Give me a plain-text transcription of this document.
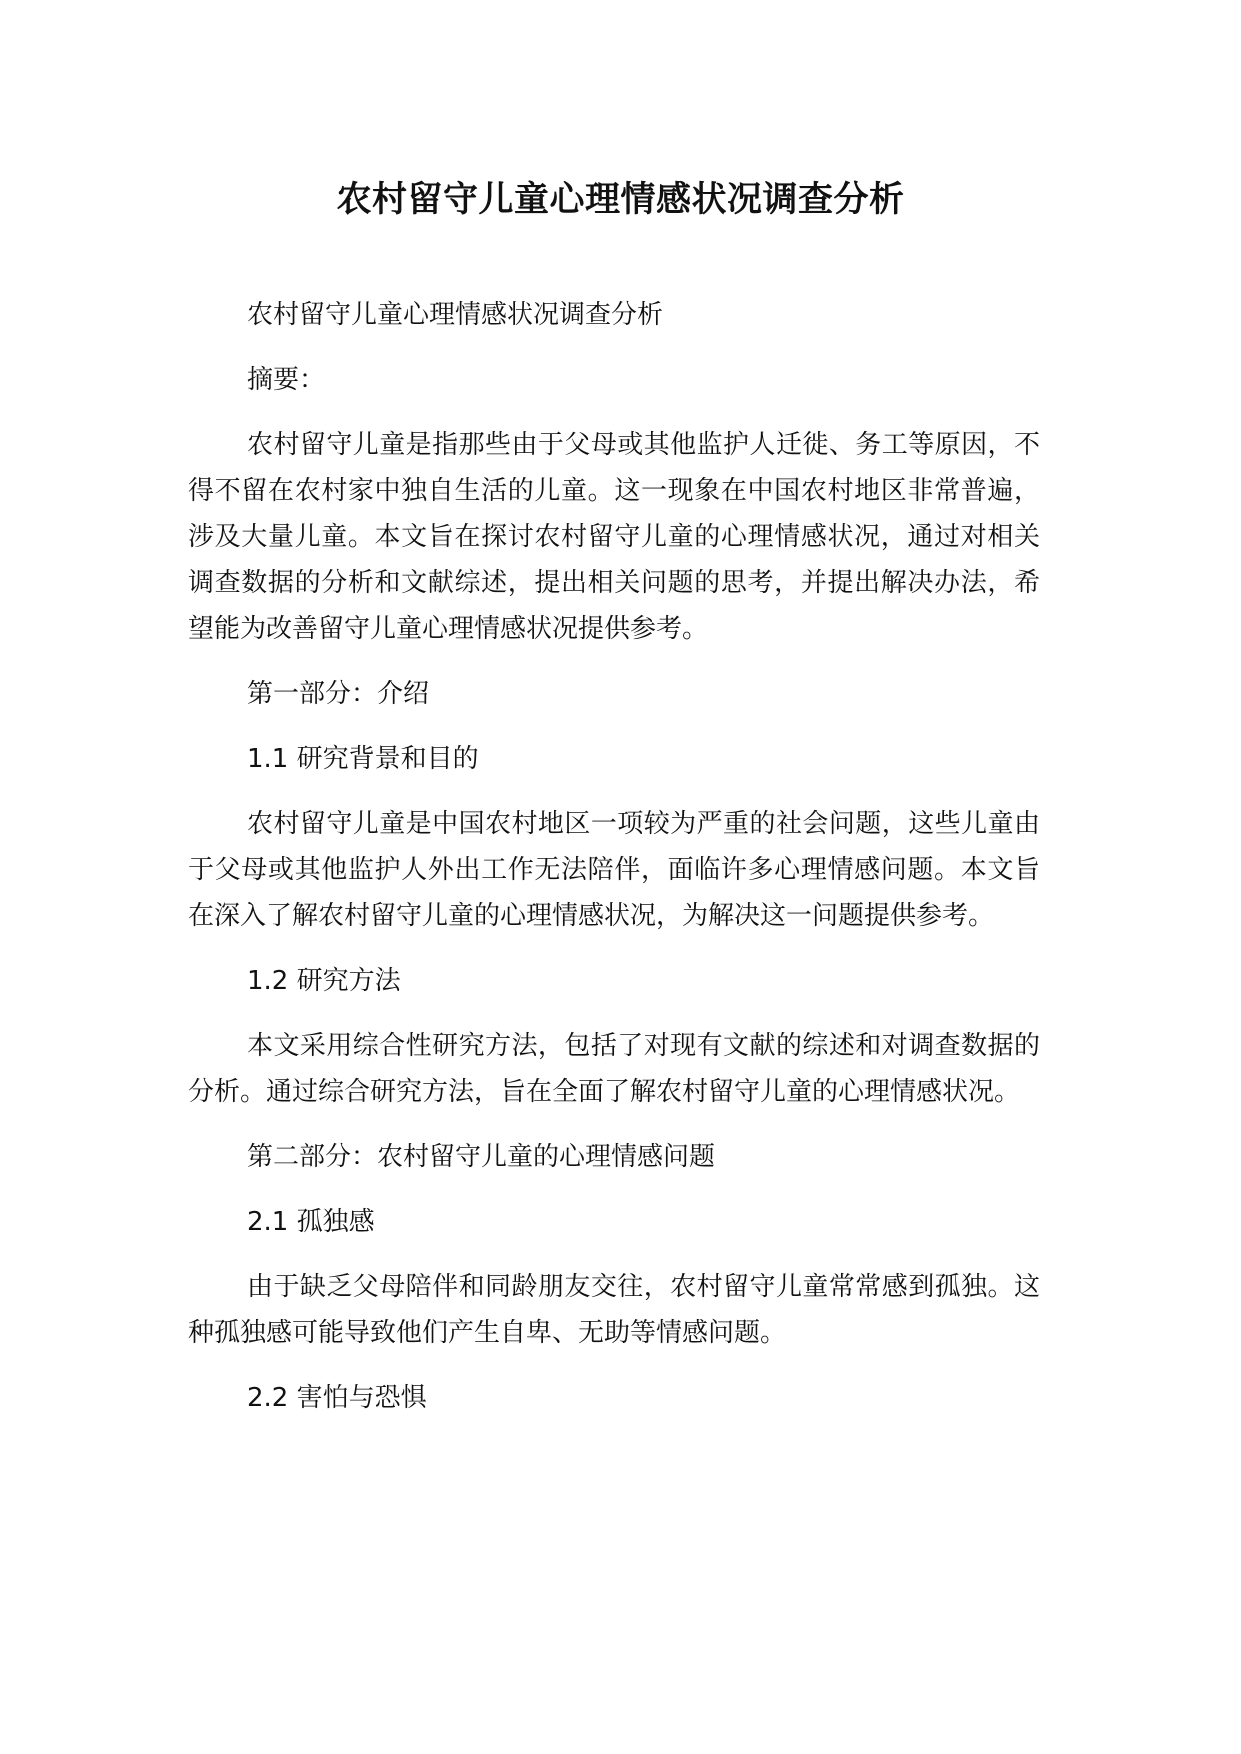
农村留守儿童心理情感状况调查分析

农村留守儿童心理情感状况调查分析

摘要：

农村留守儿童是指那些由于父母或其他监护人迁徙、务工等原因，不得不留在农村家中独自生活的儿童。这一现象在中国农村地区非常普遍，涉及大量儿童。本文旨在探讨农村留守儿童的心理情感状况，通过对相关调查数据的分析和文献综述，提出相关问题的思考，并提出解决办法，希望能为改善留守儿童心理情感状况提供参考。

第一部分：介绍

1.1 研究背景和目的

农村留守儿童是中国农村地区一项较为严重的社会问题，这些儿童由于父母或其他监护人外出工作无法陪伴，面临许多心理情感问题。本文旨在深入了解农村留守儿童的心理情感状况，为解决这一问题提供参考。

1.2 研究方法

本文采用综合性研究方法，包括了对现有文献的综述和对调查数据的分析。通过综合研究方法，旨在全面了解农村留守儿童的心理情感状况。

第二部分：农村留守儿童的心理情感问题

2.1 孤独感

由于缺乏父母陪伴和同龄朋友交往，农村留守儿童常常感到孤独。这种孤独感可能导致他们产生自卑、无助等情感问题。

2.2 害怕与恐惧
